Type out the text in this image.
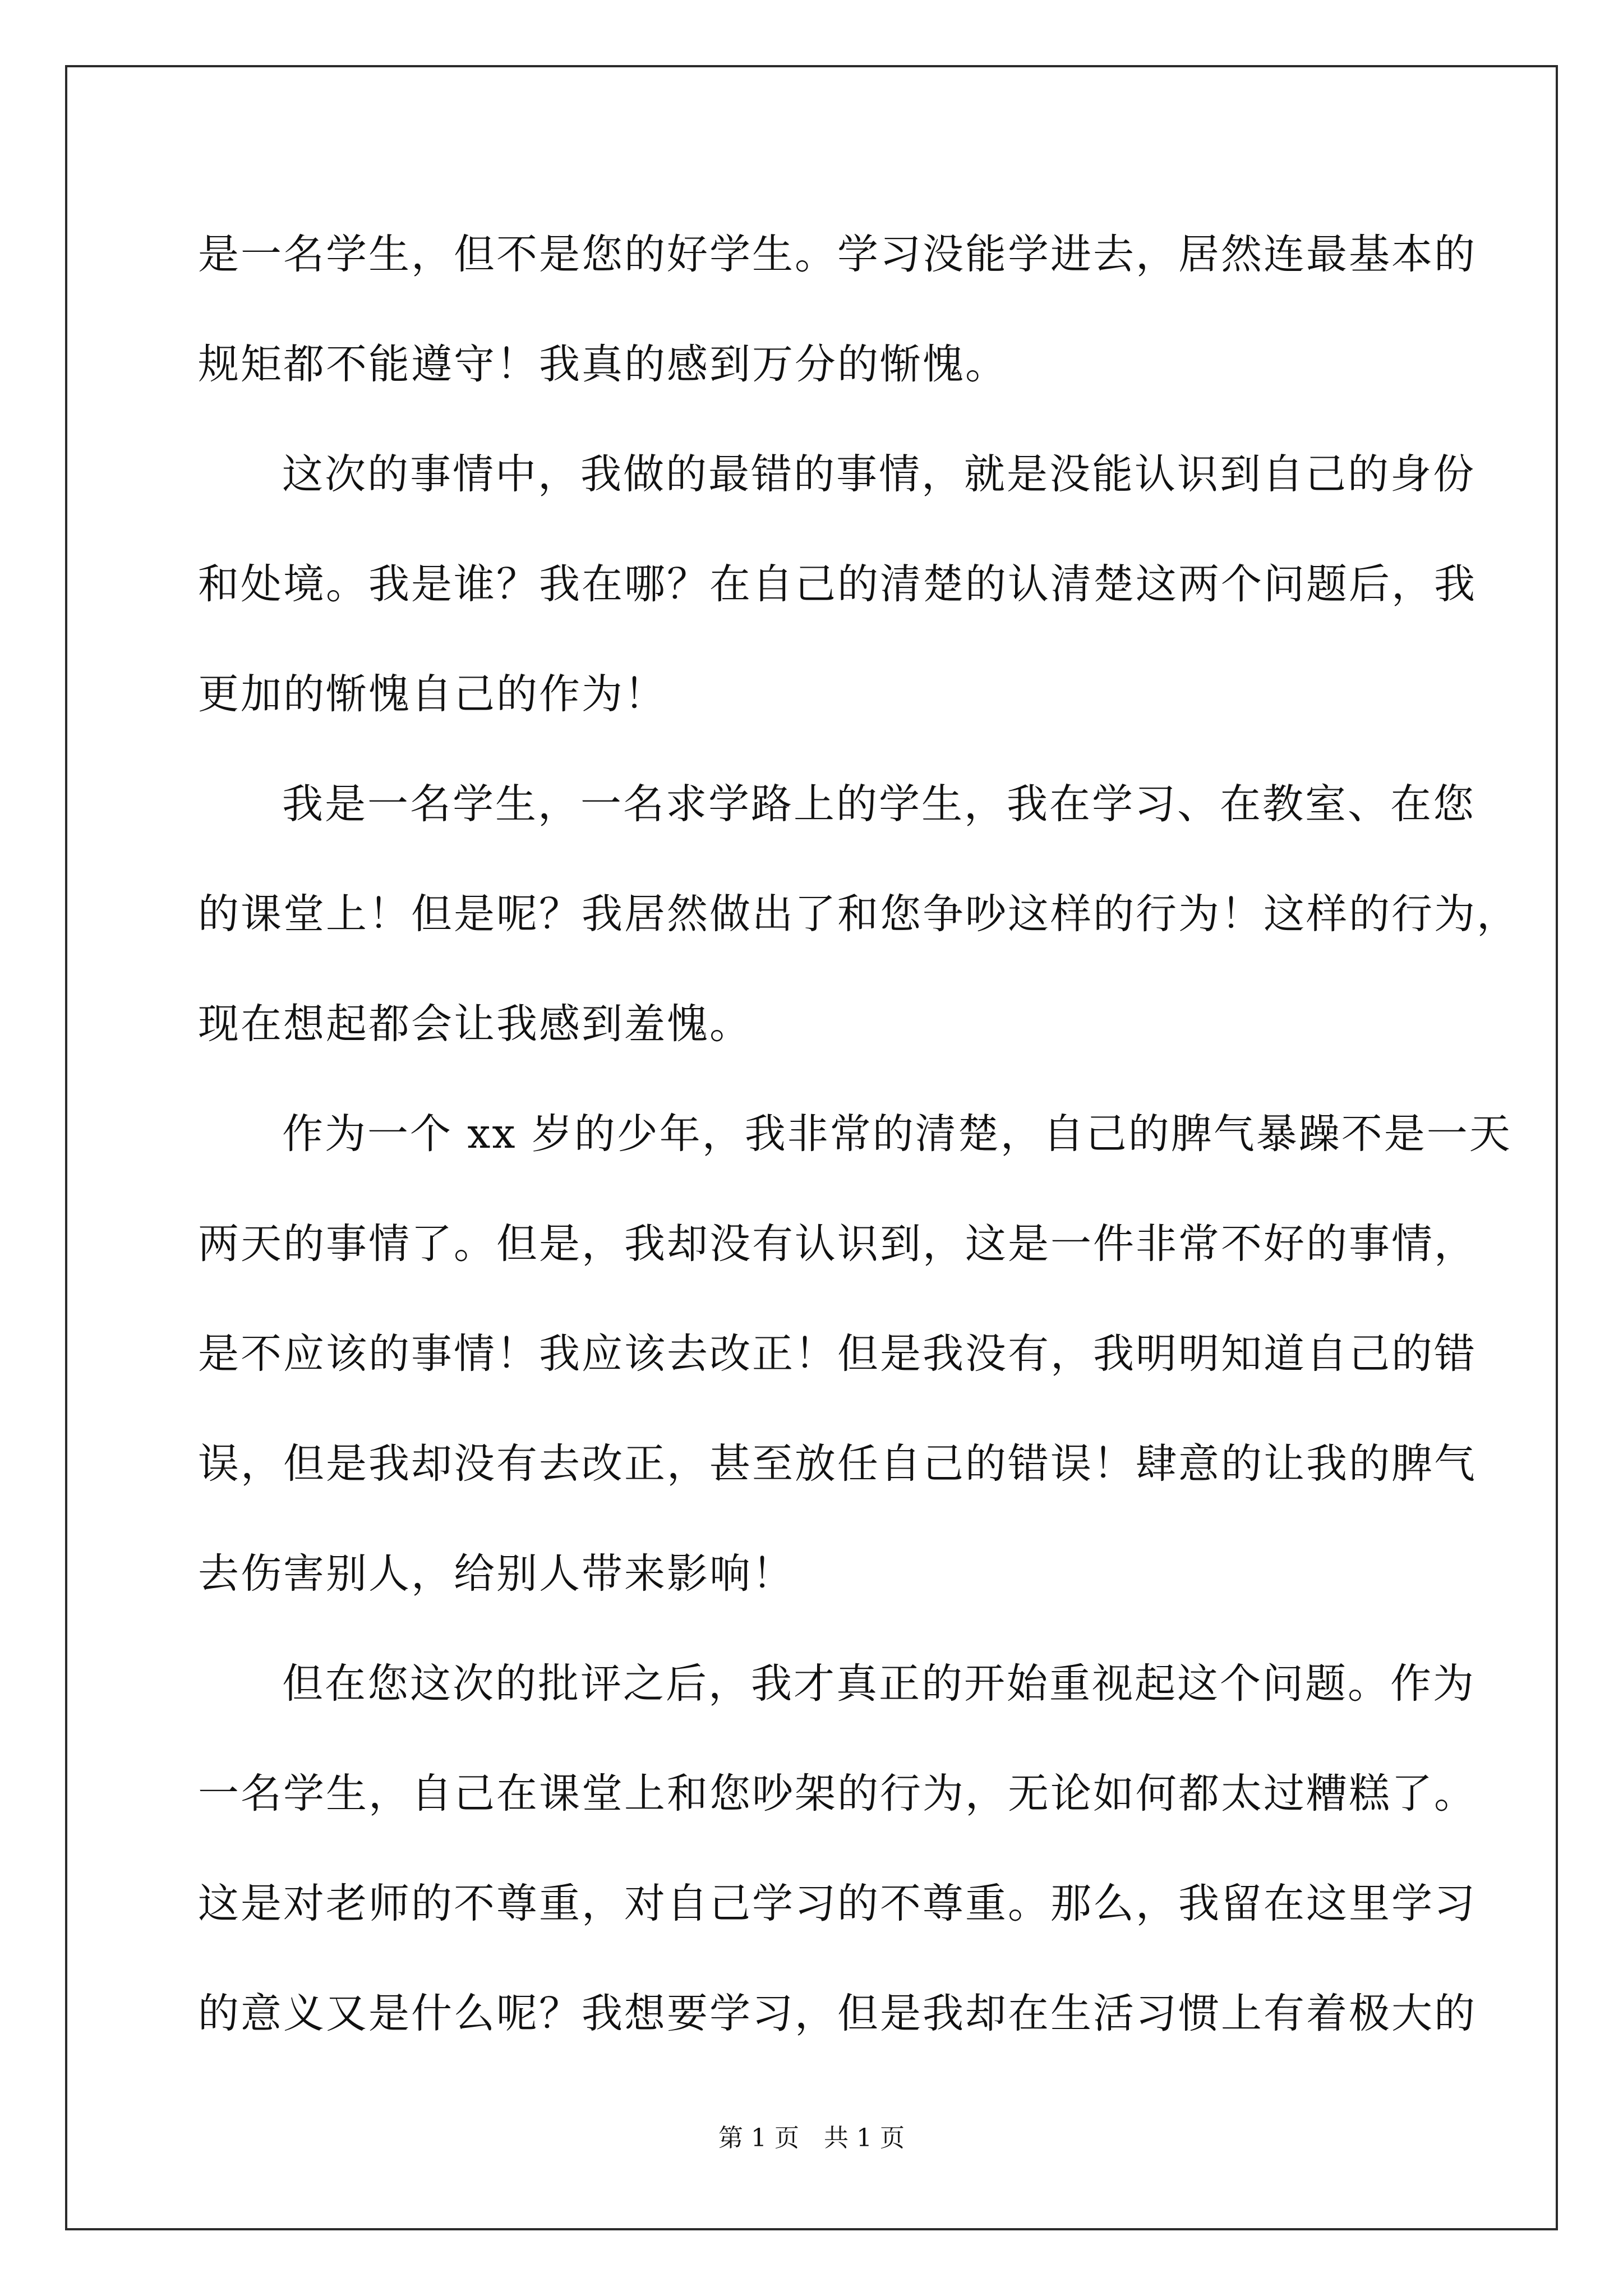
是一名学生，但不是您的好学生。学习没能学进去，居然连最基本的
规矩都不能遵守！我真的感到万分的惭愧。
这次的事情中，我做的最错的事情，就是没能认识到自己的身份
和处境。我是谁？我在哪？在自己的清楚的认清楚这两个问题后，我
更加的惭愧自己的作为！
我是一名学生，一名求学路上的学生，我在学习、在教室、在您
的课堂上！但是呢？我居然做出了和您争吵这样的行为！这样的行为，
现在想起都会让我感到羞愧。
作为一个 xx 岁的少年，我非常的清楚，自己的脾气暴躁不是一天
两天的事情了。但是，我却没有认识到，这是一件非常不好的事情，
是不应该的事情！我应该去改正！但是我没有，我明明知道自己的错
误，但是我却没有去改正，甚至放任自己的错误！肆意的让我的脾气
去伤害别人，给别人带来影响！
但在您这次的批评之后，我才真正的开始重视起这个问题。作为
一名学生，自己在课堂上和您吵架的行为，无论如何都太过糟糕了。
这是对老师的不尊重，对自己学习的不尊重。那么，我留在这里学习
的意义又是什么呢？我想要学习，但是我却在生活习惯上有着极大的
第 1 页 共 1 页
